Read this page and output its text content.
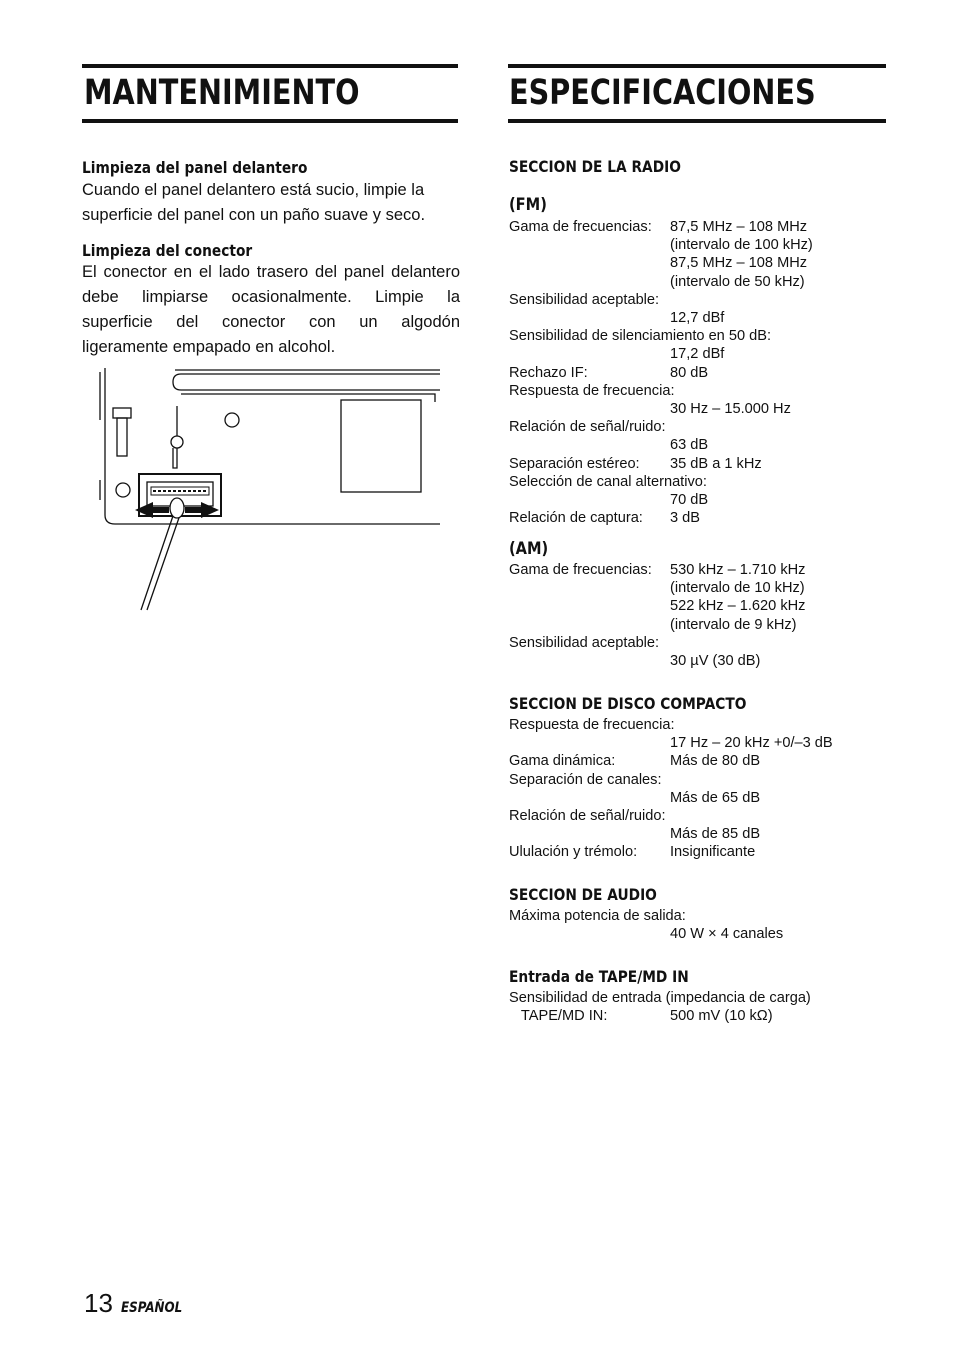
MANTENIMIENTO
Limpieza del panel delantero
Cuando el panel delantero está sucio, limpie la
superficie del panel con un paño suave y seco.
Limpieza del conector
El conector en el lado trasero del panel delantero
debe limpiarse ocasionalmente. Limpie la
superficie del conector con un algodón
ligeramente empapado en alcohol.
ESPECIFICACIONES
SECCION DE LA RADIO
(FM)
Gama de frecuencias: 87,5 MHz – 108 MHz
(intervalo de 100 kHz)
87,5 MHz – 108 MHz
(intervalo de 50 kHz)
Sensibilidad aceptable:
12,7 dBf
Sensibilidad de silenciamiento en 50 dB:
17,2 dBf
Rechazo IF:	80 dB
Respuesta de frecuencia:
30 Hz – 15.000 Hz
Relación de señal/ruido:
63 dB
Separación estéreo: 35 dB a 1 kHz
Selección de canal alternativo:
70 dB
Relación de captura: 3 dB
(AM)
Gama de frecuencias: 530 kHz – 1.710 kHz
(intervalo de 10 kHz)
522 kHz – 1.620 kHz
(intervalo de 9 kHz)
Sensibilidad aceptable:
30 µV (30 dB)
SECCION DE DISCO COMPACTO
Respuesta de frecuencia:
17 Hz – 20 kHz +0/–3 dB
Gama dinámica:	Más de 80 dB
Separación de canales:
Más de 65 dB
Relación de señal/ruido:
Más de 85 dB
Ululación y trémolo: Insignificante
SECCION DE AUDIO
Máxima potencia de salida:
40 W × 4 canales
Entrada de TAPE/MD IN
Sensibilidad de entrada (impedancia de carga)
TAPE/MD IN:	500 mV (10 kΩ)
13 ESPAÑOL
